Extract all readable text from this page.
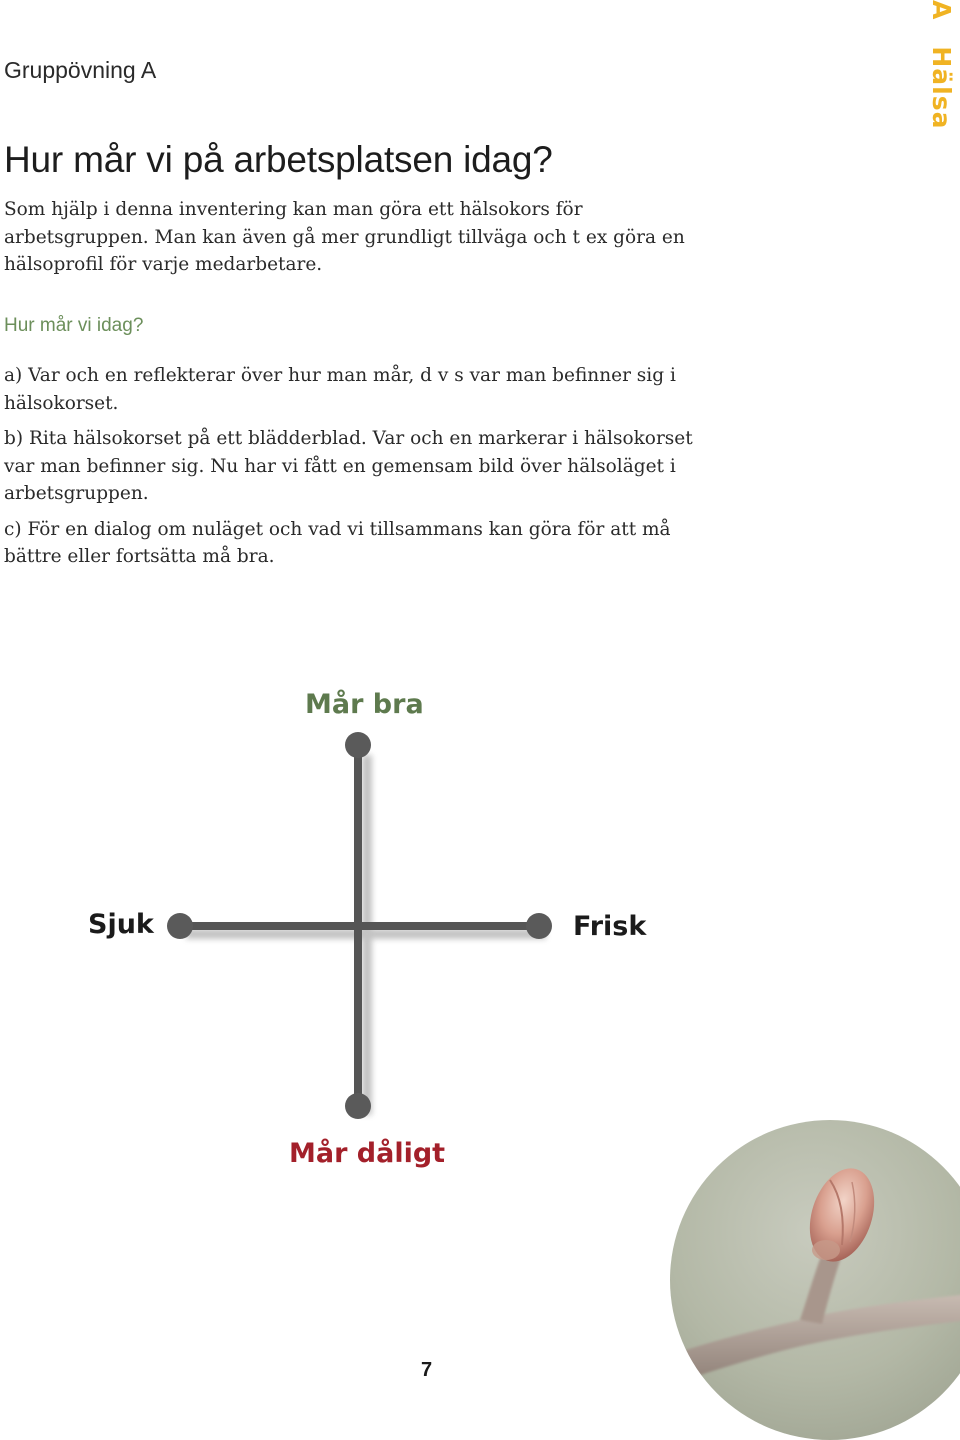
AHälsa

Gruppövning A

Hur mår vi på arbetsplatsen idag?

Som hjälp i denna inventering kan man göra ett hälsokors för arbetsgruppen. Man kan även gå mer grundligt tillväga och t ex göra en hälsoprofil för varje medarbetare.

Hur mår vi idag?
a) Var och en reflekterar över hur man mår, d v s var man befinner sig i hälsokorset.
b) Rita hälsokorset på ett blädderblad. Var och en markerar i hälsokorset var man befinner sig. Nu har vi fått en gemensam bild över hälsoläget i arbetsgruppen.
c) För en dialog om nuläget och vad vi tillsammans kan göra för att må bättre eller fortsätta må bra.
Mår bra
Sjuk	Frisk
Mår dåligt

7
